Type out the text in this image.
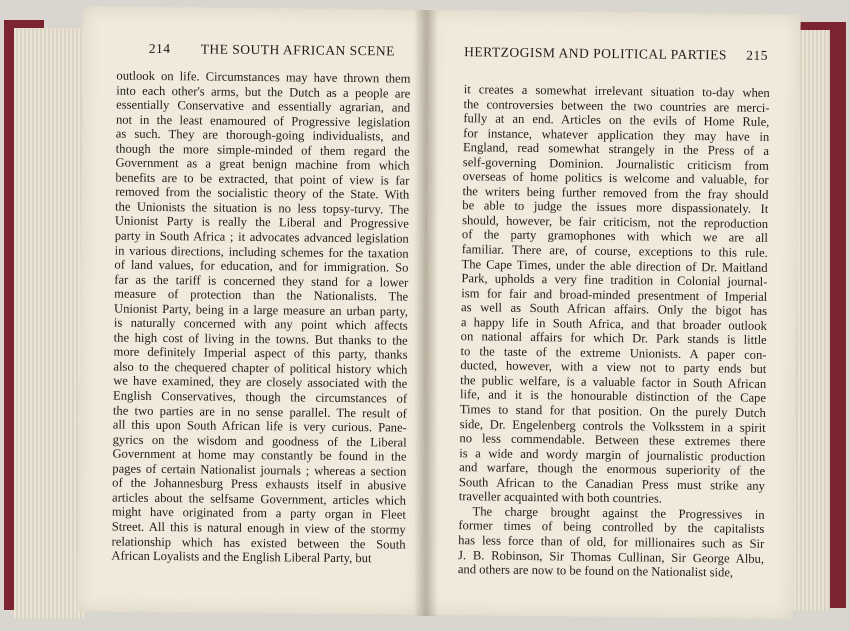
214 THE SOUTH AFRICAN SCENE
outlook on life. Circumstances may have thrown them
into each other's arms, but the Dutch as a people are
essentially Conservative and essentially agrarian, and
not in the least enamoured of Progressive legislation
as such. They are thorough-going individualists, and
though the more simple-minded of them regard the
Government as a great benign machine from which
benefits are to be extracted, that point of view is far
removed from the socialistic theory of the State. With
the Unionists the situation is no less topsy-turvy. The
Unionist Party is really the Liberal and Progressive
party in South Africa ; it advocates advanced legislation
in various directions, including schemes for the taxation
of land values, for education, and for immigration. So
far as the tariff is concerned they stand for a lower
measure of protection than the Nationalists. The
Unionist Party, being in a large measure an urban party,
is naturally concerned with any point which affects
the high cost of living in the towns. But thanks to the
more definitely Imperial aspect of this party, thanks
also to the chequered chapter of political history which
we have examined, they are closely associated with the
English Conservatives, though the circumstances of
the two parties are in no sense parallel. The result of
all this upon South African life is very curious. Pane-
gyrics on the wisdom and goodness of the Liberal
Government at home may constantly be found in the
pages of certain Nationalist journals ; whereas a section
of the Johannesburg Press exhausts itself in abusive
articles about the selfsame Government, articles which
might have originated from a party organ in Fleet
Street. All this is natural enough in view of the stormy
relationship which has existed between the South
African Loyalists and the English Liberal Party, but
HERTZOGISM AND POLITICAL PARTIES 215
it creates a somewhat irrelevant situation to-day when
the controversies between the two countries are merci-
fully at an end. Articles on the evils of Home Rule,
for instance, whatever application they may have in
England, read somewhat strangely in the Press of a
self-governing Dominion. Journalistic criticism from
overseas of home politics is welcome and valuable, for
the writers being further removed from the fray should
be able to judge the issues more dispassionately. It
should, however, be fair criticism, not the reproduction
of the party gramophones with which we are all
familiar. There are, of course, exceptions to this rule.
The Cape Times, under the able direction of Dr. Maitland
Park, upholds a very fine tradition in Colonial journal-
ism for fair and broad-minded presentment of Imperial
as well as South African affairs. Only the bigot has
a happy life in South Africa, and that broader outlook
on national affairs for which Dr. Park stands is little
to the taste of the extreme Unionists. A paper con-
ducted, however, with a view not to party ends but
the public welfare, is a valuable factor in South African
life, and it is the honourable distinction of the Cape
Times to stand for that position. On the purely Dutch
side, Dr. Engelenberg controls the Volksstem in a spirit
no less commendable. Between these extremes there
is a wide and wordy margin of journalistic production
and warfare, though the enormous superiority of the
South African to the Canadian Press must strike any
traveller acquainted with both countries.
The charge brought against the Progressives in
former times of being controlled by the capitalists
has less force than of old, for millionaires such as Sir
J. B. Robinson, Sir Thomas Cullinan, Sir George Albu,
and others are now to be found on the Nationalist side,
